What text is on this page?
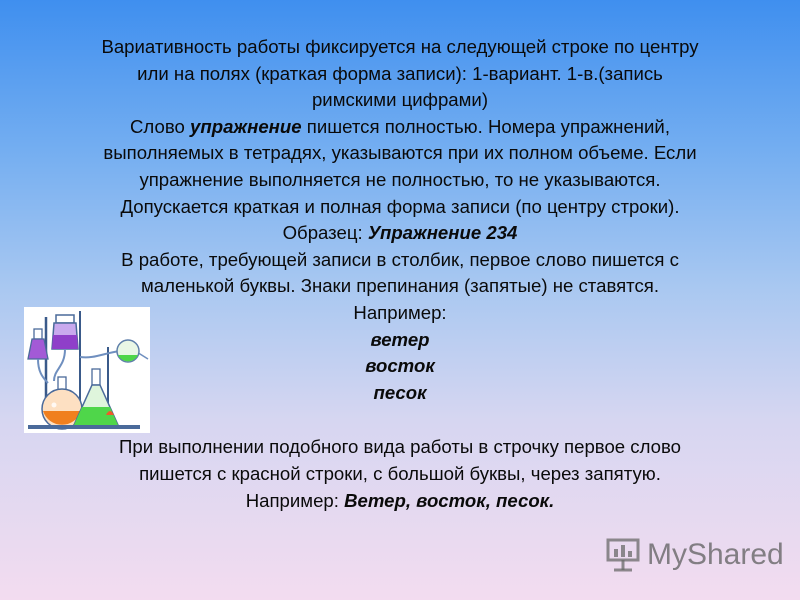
Вариативность работы фиксируется на следующей строке по центру
или на полях (краткая форма записи): 1-вариант. 1-в.(запись
римскими цифрами)
Слово упражнение пишется полностью. Номера упражнений,
выполняемых в тетрадях, указываются при их полном объеме. Если
упражнение выполняется не полностью, то не указываются.
Допускается краткая и полная форма записи (по центру строки).
Образец: Упражнение 234
В работе, требующей записи в столбик, первое слово пишется с
маленькой буквы. Знаки препинания (запятые) не ставятся.
Например:
ветер
восток
песок
При выполнении подобного вида работы в строчку первое слово
пишется с красной строки, с большой буквы, через запятую.
Например: Ветер, восток, песок.
MyShared
